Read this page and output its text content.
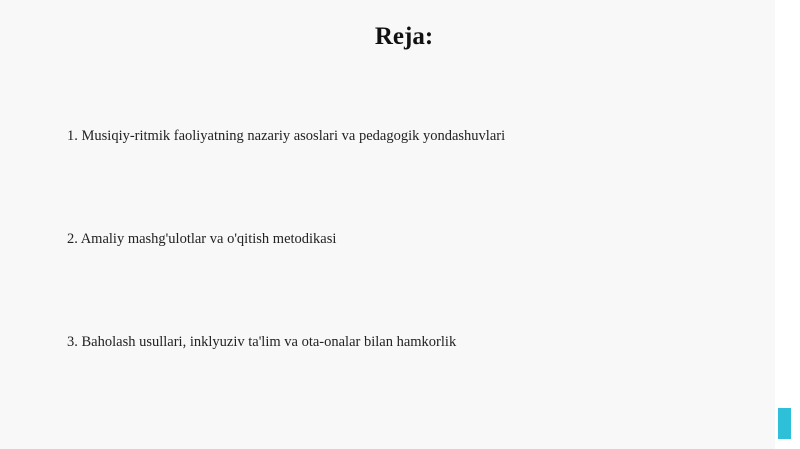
Reja:
1. Musiqiy-ritmik faoliyatning nazariy asoslari va pedagogik yondashuvlari
2. Amaliy mashg'ulotlar va o'qitish metodikasi
3. Baholash usullari, inklyuziv ta'lim va ota-onalar bilan hamkorlik
